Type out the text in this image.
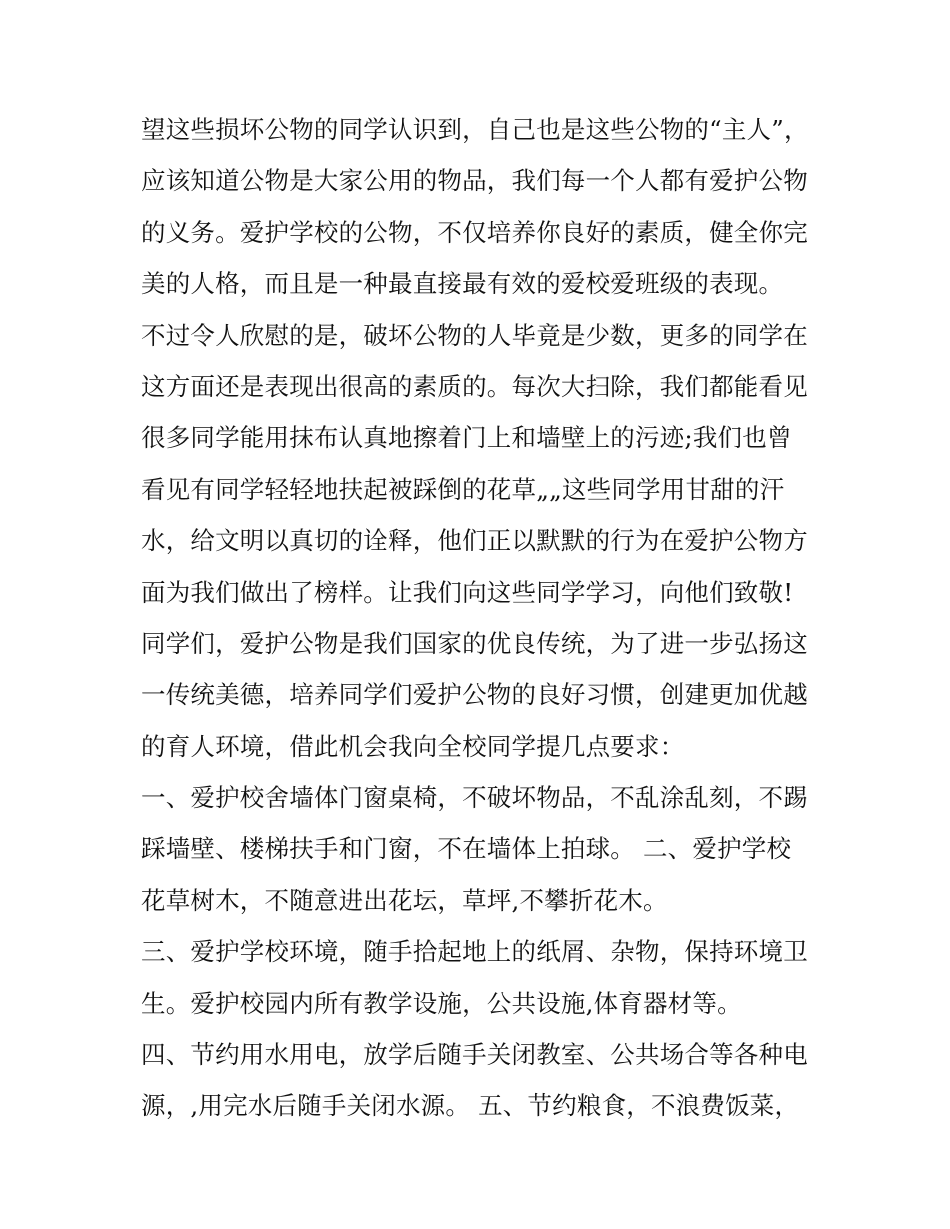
望这些损坏公物的同学认识到，自己也是这些公物的“主人”，
应该知道公物是大家公用的物品，我们每一个人都有爱护公物
的义务。爱护学校的公物，不仅培养你良好的素质，健全你完
美的人格，而且是一种最直接最有效的爱校爱班级的表现。
不过令人欣慰的是，破坏公物的人毕竟是少数，更多的同学在
这方面还是表现出很高的素质的。每次大扫除，我们都能看见
很多同学能用抹布认真地擦着门上和墙壁上的污迹;我们也曾
看见有同学轻轻地扶起被踩倒的花草„„这些同学用甘甜的汗
水，给文明以真切的诠释，他们正以默默的行为在爱护公物方
面为我们做出了榜样。让我们向这些同学学习，向他们致敬!
同学们，爱护公物是我们国家的优良传统，为了进一步弘扬这
一传统美德，培养同学们爱护公物的良好习惯，创建更加优越
的育人环境，借此机会我向全校同学提几点要求：
一、爱护校舍墙体门窗桌椅，不破坏物品，不乱涂乱刻，不踢
踩墙壁、楼梯扶手和门窗，不在墙体上拍球。 二、爱护学校
花草树木，不随意进出花坛，草坪,不攀折花木。
三、爱护学校环境，随手拾起地上的纸屑、杂物，保持环境卫
生。爱护校园内所有教学设施，公共设施,体育器材等。
四、节约用水用电，放学后随手关闭教室、公共场合等各种电
源，,用完水后随手关闭水源。 五、节约粮食，不浪费饭菜，
